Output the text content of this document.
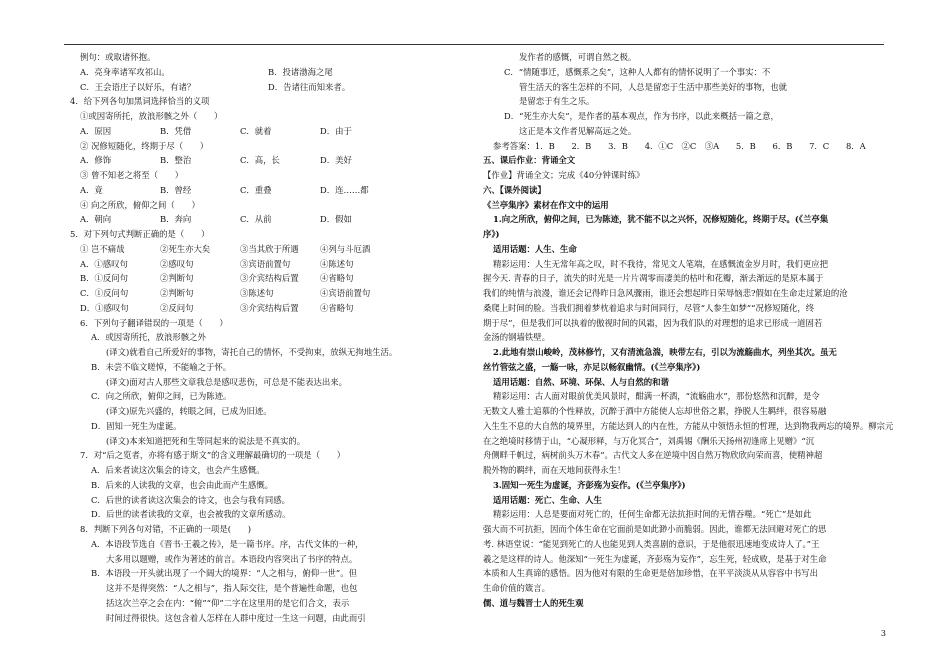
例句：或取诸怀抱。
A．亮身率诸军攻祁山。	B．投诸渤海之尾
C．王会语庄子以好乐，有诸？	D．告诸往而知来者。
4．给下列各句加黑词选择恰当的义项
①或因寄所托，放浪形骸之外（　　）
A．原因	B．凭借	C．就着	D．由于
② 况修短随化，终期于尽（　　）
A．修饰	B．整治	C．高，长	D．美好
③ 曾不知老之将至（　　）
A．竟	B．曾经	C．重叠	D．连……都
④ 向之所欣，俯仰之间（　　）
A．朝向	B．奔向	C．从前	D．假如
5．对下列句式判断正确的是（　　）
① 岂不痛哉	②死生亦大矣	③当其欣于所遇	④列与斗厄酒
A．①感叹句	②感叹句	③宾语前置句	④陈述句
B．①反问句	②判断句	③介宾结构后置	④省略句
C．①反问句	②判断句	③陈述句	④宾语前置句
D．①感叹句	②反问句	③介宾结构后置	④省略句
6．下列句子翻译错误的一项是（　　）
A．或因寄所托，放浪形骸之外
(译文)就看自己所爱好的事物，寄托自己的情怀，不受拘束，放纵无拘地生活。
B．未尝不临文嗟悼，不能喻之于怀。
(译文)面对古人那些文章我总是感叹悲伤，可总是不能表达出来。
C．向之所欣，俯仰之间，已为陈迹。
(译文)原先兴盛的，转眼之间，已成为旧迹。
D．固知一死生为虚诞。
(译文)本来知道把死和生等同起来的说法是不真实的。
7．对“后之览者，亦将有感于斯文”的含义理解最确切的一项是（　　）
A．后来者读这次集会的诗文，也会产生感慨。
B．后来的人读我的文章，也会由此而产生感慨。
C．后世的读者读这次集会的诗文，也会与我有同感。
D．后世的读者读我的文章，也会被我的文章所感动。
8．判断下列各句对错，不正确的一项是(　　)
A．本语段节选自《晋书·王羲之传》，是一篇书序。序，古代文体的一种，
大多用以题赠，或作为著述的前言。本语段内容突出了书序的特点。
B．本语段一开头就出现了一个阔大的境界：“人之相与，俯仰一世”。但
这并不是得突然：“人之相与”，指人际交往，是个普遍性命题，也包
括这次兰亭之会在内：“俯”“仰”二字在这里用的是它们合文，表示
时间过得很快。这包含着人怎样在人群中度过一生这一问题，由此而引
发作者的感慨，可谓自然之极。
C．“情随事迁，感慨系之矣”，这种人人都有的情怀说明了一个事实：不
管生活天的客生怎样的不同，人总是留恋于生活中那些美好的事物，也就
是留恋于有生之乐。
D．“死生亦大矣”，是作者的基本观点，作为书序，以此来概括一篇之意，
这正是本文作者见解高远之处。
参考答案：1．B　　2．B　　3．B　　4．①C　②C　③A　　5．B　　6．B　　7．C　　8．A
五、课后作业：背诵全文
【作业】背诵全文；完成《40分钟课时练》
六、【课外阅读】
《兰亭集序》素材在作文中的运用
1.向之所欣，俯仰之间，已为陈迹，犹不能不以之兴怀，况修短随化，终期于尽。(《兰亭集
序》)
适用话题：人生、生命
精彩运用：人生无常年高之叹，时不我待，常见文人笔端，在感慨流金岁月时，我们更应把
握今天. 青春的日子，流失的时光是一片片凋零而凄美的枯叶和花瓣，渐去渐远的是原本属于
我们的纯情与浪漫，谁还会记得昨日急风骤雨，谁还会想起昨日荣辱恼悲?假如在生命走过紧迫的沧
桑爬上时间的脸。当我们拥着梦枕着追求与时间同行，尽管“人参生如梦”“况修短随化，终
期于尽”，但是我们可以执着的傲视时间的风霜，因为我们队的对理想的追求已形成一道固若
金汤的钢墙铁壁。
2.此地有崇山峻岭，茂林修竹，又有清流急湍，映带左右，引以为流觞曲水，列坐其次。虽无
丝竹管弦之盛，一觞一咏，亦足以畅叙幽情。(《兰亭集序》)
适用话题：自然、环境、环保、人与自然的和谐
精彩运用：古人面对眼前优美风景时，酣满一杯酒，“流觞曲水”，那份悠然和沉醉，是令
无数文人雅士追慕的个性释放，沉醉于酒中方能使人忘却世俗之累，挣脱人生羁绊，很容易融
入生生不息的大自然的境界里，方能达到人的内在性，方能从中领悟永恒的哲理，达到物我两忘的境界。柳宗元
在之绝境时移情于山，“心凝形释，与万化冥合”，刘禹锡《酬乐天扬州初逢席上见赠》“沉
舟侧畔千帆过，病树前头万木春”。古代文人多在逆境中因自然万物欣欣向荣而喜，使精神超
脱外物的羁绊，而在天地间获得永生！
3.固知一死生为虚诞，齐彭殇为妄作。(《兰亭集序》)
适用话题：死亡、生命、人生
精彩运用：人总是要面对死亡的，任何生命都无法抗拒时间的无情吞噬。“死亡”是如此
强大而不可抗拒，因而个体生命在它面前是如此渺小而脆弱。因此，谁都无法回避对死亡的思
考. 林语堂说：“能见到死亡的人也能见到人类喜剧的意识，于是他很迅速地变成诗人了。”王
羲之是这样的诗人。他深知“一死生为虚诞，齐彭殇为妄作”，忘生死，轻成败，是基于对生命
本质和人生真谛的感悟。因为他对有限的生命更是倍加珍惜，在平平淡淡从从容容中书写出
生命价值的箴言。
儒、道与魏晋士人的死生观
3
